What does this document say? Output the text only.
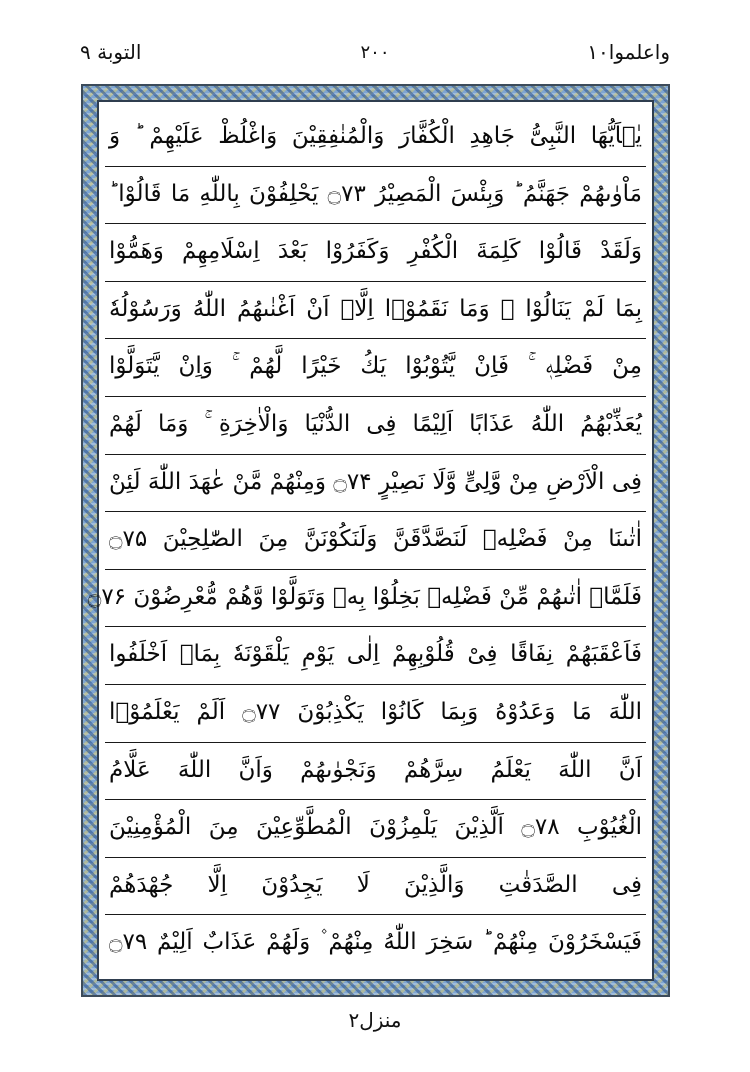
واعلموا۱۰
۲۰۰
التوبة ۹
يٰۤاَيُّهَا النَّبِىُّ جَاهِدِ الْكُفَّارَ وَالْمُنٰفِقِيْنَ وَاغْلُظْ عَلَيْهِمْ ؕ وَ
مَاْوٰىهُمْ جَهَنَّمُ ؕ وَبِئْسَ الْمَصِيْرُ ۝۷۳ يَحْلِفُوْنَ بِاللّٰهِ مَا قَالُوْا ؕ
وَلَقَدْ قَالُوْا كَلِمَةَ الْكُفْرِ وَكَفَرُوْا بَعْدَ اِسْلَامِهِمْ وَهَمُّوْا
بِمَا لَمْ يَنَالُوْا ۚ وَمَا نَقَمُوْۤا اِلَّاۤ اَنْ اَغْنٰىهُمُ اللّٰهُ وَرَسُوْلُهٗ
مِنْ فَضْلِهٖ ۚ فَاِنْ يَّتُوْبُوْا يَكُ خَيْرًا لَّهُمْ ۚ وَاِنْ يَّتَوَلَّوْا
يُعَذِّبْهُمُ اللّٰهُ عَذَابًا اَلِيْمًا فِى الدُّنْيَا وَالْاٰخِرَةِ ۚ وَمَا لَهُمْ
فِى الْاَرْضِ مِنْ وَّلِىٍّ وَّلَا نَصِيْرٍ ۝۷۴ وَمِنْهُمْ مَّنْ عٰهَدَ اللّٰهَ لَئِنْ
اٰتٰىنَا مِنْ فَضْلِهٖ لَنَصَّدَّقَنَّ وَلَنَكُوْنَنَّ مِنَ الصّٰلِحِيْنَ ۝۷۵
فَلَمَّاۤ اٰتٰىهُمْ مِّنْ فَضْلِهٖ بَخِلُوْا بِهٖ وَتَوَلَّوْا وَّهُمْ مُّعْرِضُوْنَ ۝۷۶
فَاَعْقَبَهُمْ نِفَاقًا فِىْ قُلُوْبِهِمْ اِلٰى يَوْمِ يَلْقَوْنَهٗ بِمَاۤ اَخْلَفُوا
اللّٰهَ مَا وَعَدُوْهُ وَبِمَا كَانُوْا يَكْذِبُوْنَ ۝۷۷ اَلَمْ يَعْلَمُوْۤا
اَنَّ اللّٰهَ يَعْلَمُ سِرَّهُمْ وَنَجْوٰىهُمْ وَاَنَّ اللّٰهَ عَلَّامُ
الْغُيُوْبِ ۝۷۸ اَلَّذِيْنَ يَلْمِزُوْنَ الْمُطَّوِّعِيْنَ مِنَ الْمُؤْمِنِيْنَ
فِى الصَّدَقٰتِ وَالَّذِيْنَ لَا يَجِدُوْنَ اِلَّا جُهْدَهُمْ
فَيَسْخَرُوْنَ مِنْهُمْ ؕ سَخِرَ اللّٰهُ مِنْهُمْ ۫ وَلَهُمْ عَذَابٌ اَلِيْمٌ ۝۷۹
منزل۲
